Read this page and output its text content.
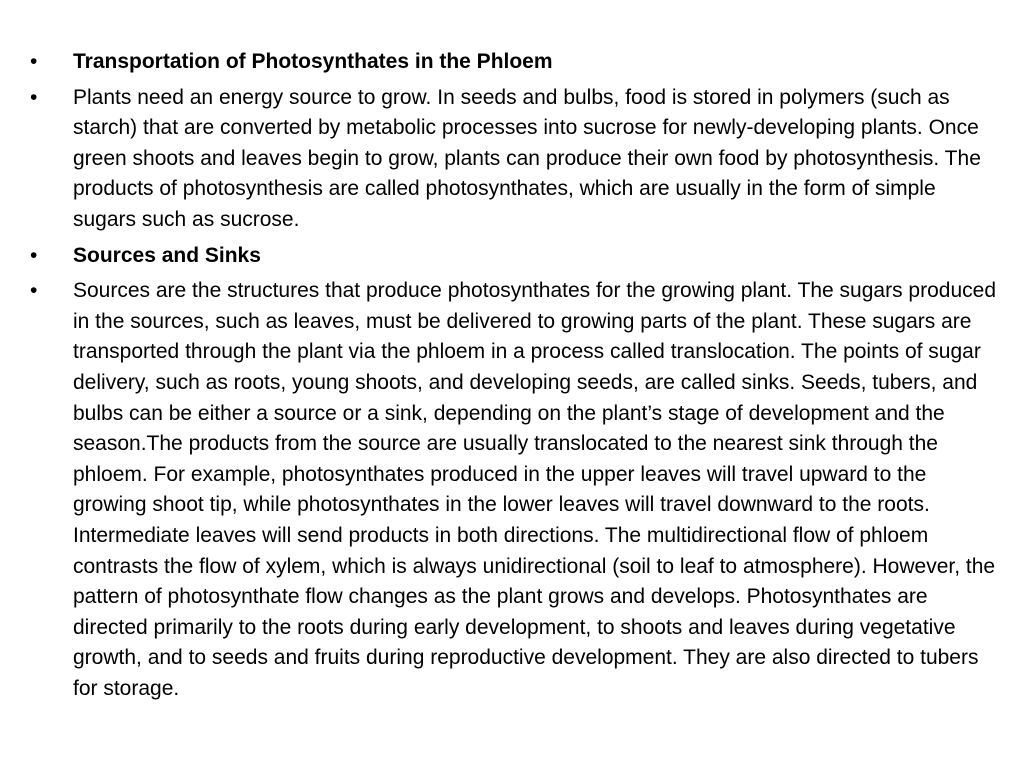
•	Transportation of Photosynthates in the Phloem
•	Plants need an energy source to grow. In seeds and bulbs, food is stored in polymers (such as starch) that are converted by metabolic processes into sucrose for newly-developing plants. Once green shoots and leaves begin to grow, plants can produce their own food by photosynthesis. The products of photosynthesis are called photosynthates, which are usually in the form of simple sugars such as sucrose.
•	Sources and Sinks
•	Sources are the structures that produce photosynthates for the growing plant. The sugars produced in the sources, such as leaves, must be delivered to growing parts of the plant. These sugars are transported through the plant via the phloem in a process called translocation. The points of sugar delivery, such as roots, young shoots, and developing seeds, are called sinks. Seeds, tubers, and bulbs can be either a source or a sink, depending on the plant’s stage of development and the season.The products from the source are usually translocated to the nearest sink through the phloem. For example, photosynthates produced in the upper leaves will travel upward to the growing shoot tip, while photosynthates in the lower leaves will travel downward to the roots. Intermediate leaves will send products in both directions. The multidirectional flow of phloem contrasts the flow of xylem, which is always unidirectional (soil to leaf to atmosphere). However, the pattern of photosynthate flow changes as the plant grows and develops. Photosynthates are directed primarily to the roots during early development, to shoots and leaves during vegetative growth, and to seeds and fruits during reproductive development. They are also directed to tubers for storage.
